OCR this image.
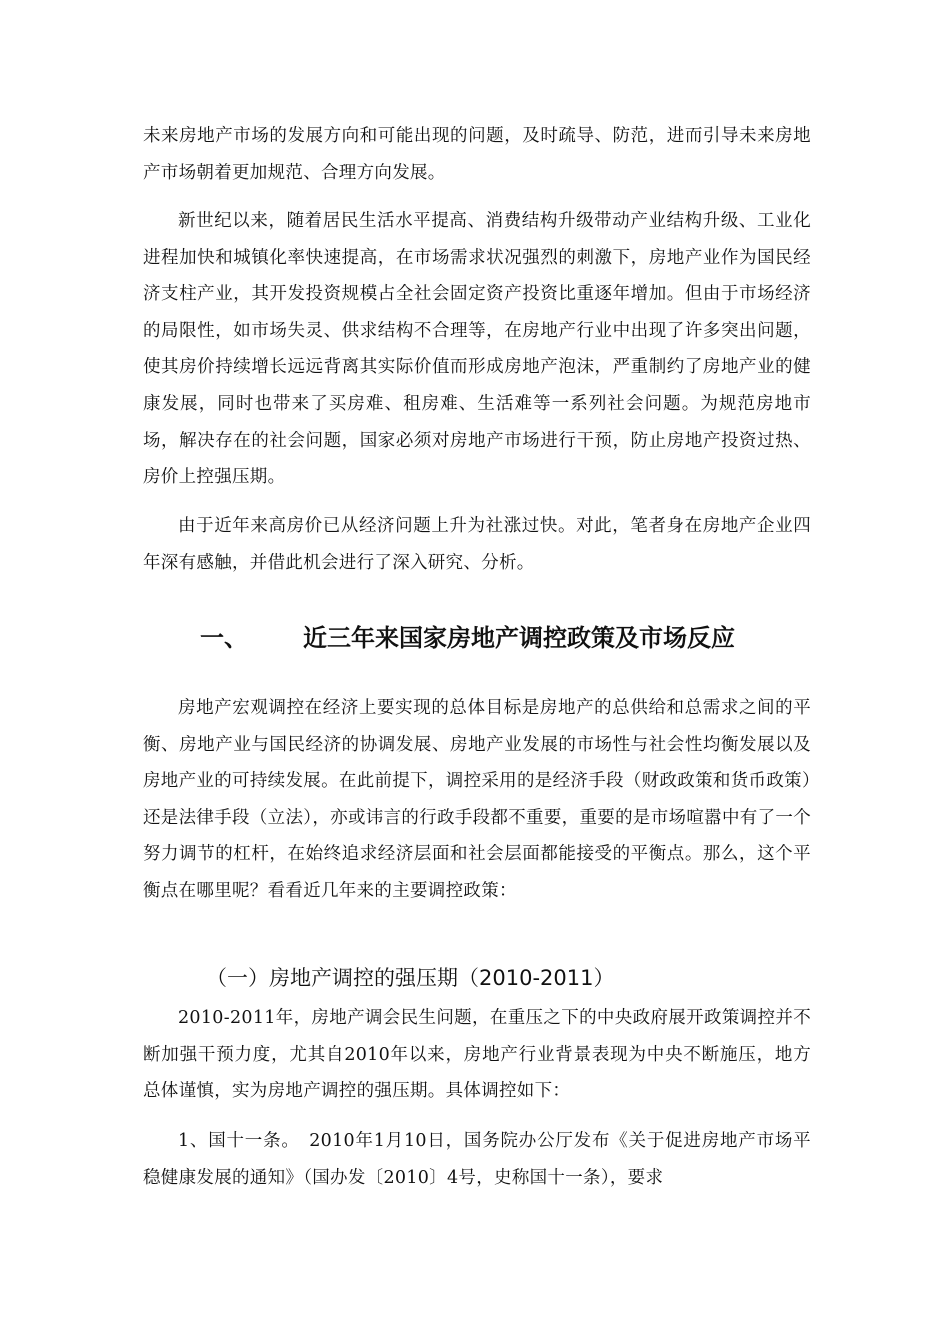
未来房地产市场的发展方向和可能出现的问题，及时疏导、防范，进而引导未来房地产市场朝着更加规范、合理方向发展。

新世纪以来，随着居民生活水平提高、消费结构升级带动产业结构升级、工业化进程加快和城镇化率快速提高，在市场需求状况强烈的刺激下，房地产业作为国民经济支柱产业，其开发投资规模占全社会固定资产投资比重逐年增加。但由于市场经济的局限性，如市场失灵、供求结构不合理等，在房地产行业中出现了许多突出问题，使其房价持续增长远远背离其实际价值而形成房地产泡沫，严重制约了房地产业的健康发展，同时也带来了买房难、租房难、生活难等一系列社会问题。为规范房地市场，解决存在的社会问题，国家必须对房地产市场进行干预，防止房地产投资过热、房价上控强压期。

由于近年来高房价已从经济问题上升为社涨过快。对此，笔者身在房地产企业四年深有感触，并借此机会进行了深入研究、分析。

一、 近三年来国家房地产调控政策及市场反应

房地产宏观调控在经济上要实现的总体目标是房地产的总供给和总需求之间的平衡、房地产业与国民经济的协调发展、房地产业发展的市场性与社会性均衡发展以及房地产业的可持续发展。在此前提下，调控采用的是经济手段（财政政策和货币政策）还是法律手段（立法），亦或讳言的行政手段都不重要，重要的是市场喧嚣中有了一个努力调节的杠杆，在始终追求经济层面和社会层面都能接受的平衡点。那么，这个平衡点在哪里呢？看看近几年来的主要调控政策：

（一）房地产调控的强压期（2010-2011）

2010-2011年，房地产调会民生问题，在重压之下的中央政府展开政策调控并不断加强干预力度，尤其自2010年以来，房地产行业背景表现为中央不断施压，地方总体谨慎，实为房地产调控的强压期。具体调控如下：

1、国十一条。　2010年1月10日，国务院办公厅发布《关于促进房地产市场平稳健康发展的通知》（国办发〔2010〕4号，史称国十一条），要求
